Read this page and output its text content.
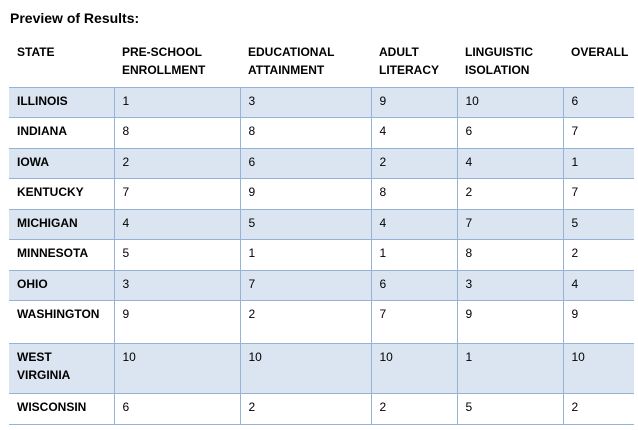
Preview of Results:
STATE	PRE-SCHOOL ENROLLMENT	EDUCATIONAL ATTAINMENT	ADULT LITERACY	LINGUISTIC ISOLATION	OVERALL
ILLINOIS	1	3	9	10	6
INDIANA	8	8	4	6	7
IOWA	2	6	2	4	1
KENTUCKY	7	9	8	2	7
MICHIGAN	4	5	4	7	5
MINNESOTA	5	1	1	8	2
OHIO	3	7	6	3	4
WASHINGTON	9	2	7	9	9
WEST VIRGINIA	10	10	10	1	10
WISCONSIN	6	2	2	5	2
